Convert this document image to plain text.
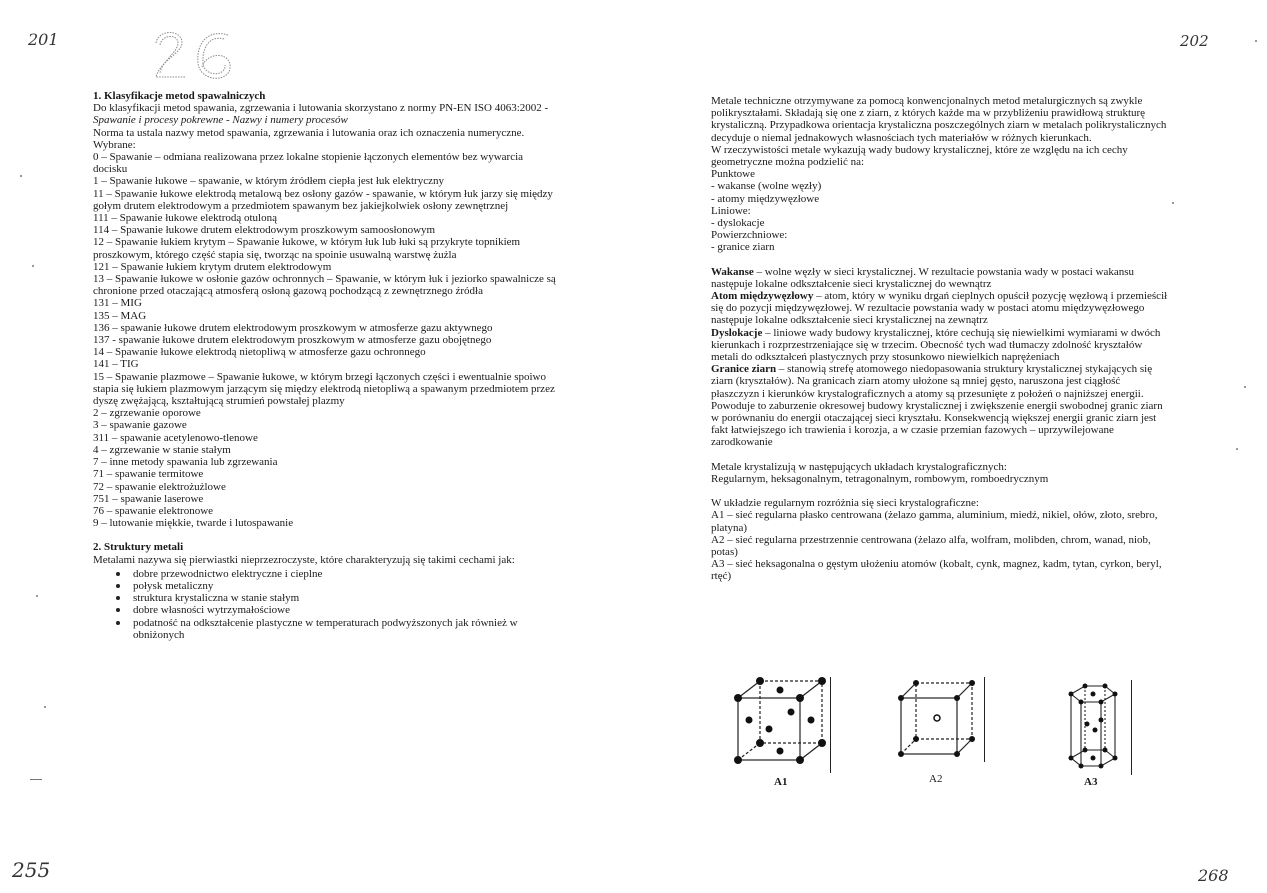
201	202
255	268
1. Klasyfikacje metod spawalniczych

Do klasyfikacji metod spawania, zgrzewania i lutowania skorzystano z normy PN-EN ISO 4063:2002 - Spawanie i procesy pokrewne - Nazwy i numery procesów

Norma ta ustala nazwy metod spawania, zgrzewania i lutowania oraz ich oznaczenia numeryczne.

Wybrane:

0 – Spawanie – odmiana realizowana przez lokalne stopienie łączonych elementów bez wywarcia docisku

1 – Spawanie łukowe – spawanie, w którym źródłem ciepła jest łuk elektryczny

11 – Spawanie łukowe elektrodą metalową bez osłony gazów - spawanie, w którym łuk jarzy się między gołym drutem elektrodowym a przedmiotem spawanym bez jakiejkolwiek osłony zewnętrznej

111 – Spawanie łukowe elektrodą otuloną

114 – Spawanie łukowe drutem elektrodowym proszkowym samoosłonowym

12 – Spawanie łukiem krytym – Spawanie łukowe, w którym łuk lub łuki są przykryte topnikiem proszkowym, którego część stapia się, tworząc na spoinie usuwalną warstwę żużla

121 – Spawanie łukiem krytym drutem elektrodowym

13 – Spawanie łukowe w osłonie gazów ochronnych – Spawanie, w którym łuk i jeziorko spawalnicze są chronione przed otaczającą atmosferą osłoną gazową pochodzącą z zewnętrznego źródła

131 – MIG

135 – MAG

136 – spawanie łukowe drutem elektrodowym proszkowym w atmosferze gazu aktywnego

137 - spawanie łukowe drutem elektrodowym proszkowym w atmosferze gazu obojętnego

14 – Spawanie łukowe elektrodą nietopliwą w atmosferze gazu ochronnego

141 – TIG

15 – Spawanie plazmowe – Spawanie łukowe, w którym brzegi łączonych części i ewentualnie spoiwo stapia się łukiem plazmowym jarzącym się między elektrodą nietopliwą a spawanym przedmiotem przez dyszę zwężającą, kształtującą strumień powstałej plazmy

2 – zgrzewanie oporowe

3 – spawanie gazowe

311 – spawanie acetylenowo-tlenowe

4 – zgrzewanie w stanie stałym

7 – inne metody spawania lub zgrzewania

71 – spawanie termitowe

72 – spawanie elektrożużlowe

751 – spawanie laserowe

76 – spawanie elektronowe

9 – lutowanie miękkie, twarde i lutospawanie

2. Struktury metali

Metalami nazywa się pierwiastki nieprzezroczyste, które charakteryzują się takimi cechami jak:

dobre przewodnictwo elektryczne i cieplne
połysk metaliczny
struktura krystaliczna w stanie stałym
dobre własności wytrzymałościowe
podatność na odkształcenie plastyczne w temperaturach podwyższonych jak również w obniżonych

Metale techniczne otrzymywane za pomocą konwencjonalnych metod metalurgicznych są zwykle polikryształami. Składają się one z ziarn, z których każde ma w przybliżeniu prawidłową strukturę krystaliczną. Przypadkowa orientacja krystaliczna poszczególnych ziarn w metalach polikrystalicznych decyduje o niemal jednakowych własnościach tych materiałów w różnych kierunkach.

W rzeczywistości metale wykazują wady budowy krystalicznej, które ze względu na ich cechy geometryczne można podzielić na:

Punktowe

- wakanse (wolne węzły)

- atomy międzywęzłowe

Liniowe:

- dyslokacje

Powierzchniowe:

- granice ziarn

Wakanse – wolne węzły w sieci krystalicznej. W rezultacie powstania wady w postaci wakansu następuje lokalne odkształcenie sieci krystalicznej do wewnątrz

Atom międzywęzłowy – atom, który w wyniku drgań cieplnych opuścił pozycję węzłową i przemieścił się do pozycji międzywęzłowej. W rezultacie powstania wady w postaci atomu międzywęzłowego następuje lokalne odkształcenie sieci krystalicznej na zewnątrz

Dyslokacje – liniowe wady budowy krystalicznej, które cechują się niewielkimi wymiarami w dwóch kierunkach i rozprzestrzeniające się w trzecim. Obecność tych wad tłumaczy zdolność kryształów metali do odkształceń plastycznych przy stosunkowo niewielkich naprężeniach

Granice ziarn – stanowią strefę atomowego niedopasowania struktury krystalicznej stykających się ziarn (kryształów). Na granicach ziarn atomy ułożone są mniej gęsto, naruszona jest ciągłość płaszczyzn i kierunków krystalograficznych a atomy są przesunięte z położeń o najniższej energii. Powoduje to zaburzenie okresowej budowy krystalicznej i zwiększenie energii swobodnej granic ziarn w porównaniu do energii otaczającej sieci kryształu. Konsekwencją większej energii granic ziarn jest fakt łatwiejszego ich trawienia i korozja, a w czasie przemian fazowych – uprzywilejowane zarodkowanie

Metale krystalizują w następujących układach krystalograficznych:

Regularnym, heksagonalnym, tetragonalnym, rombowym, romboedrycznym

W układzie regularnym rozróżnia się sieci krystalograficzne:

A1 – sieć regularna płasko centrowana (żelazo gamma, aluminium, miedź, nikiel, ołów, złoto, srebro, platyna)

A2 – sieć regularna przestrzennie centrowana (żelazo alfa, wolfram, molibden, chrom, wanad, niob, potas)

A3 – sieć heksagonalna o gęstym ułożeniu atomów (kobalt, cynk, magnez, kadm, tytan, cyrkon, beryl, rtęć)

A1	A2	A3
